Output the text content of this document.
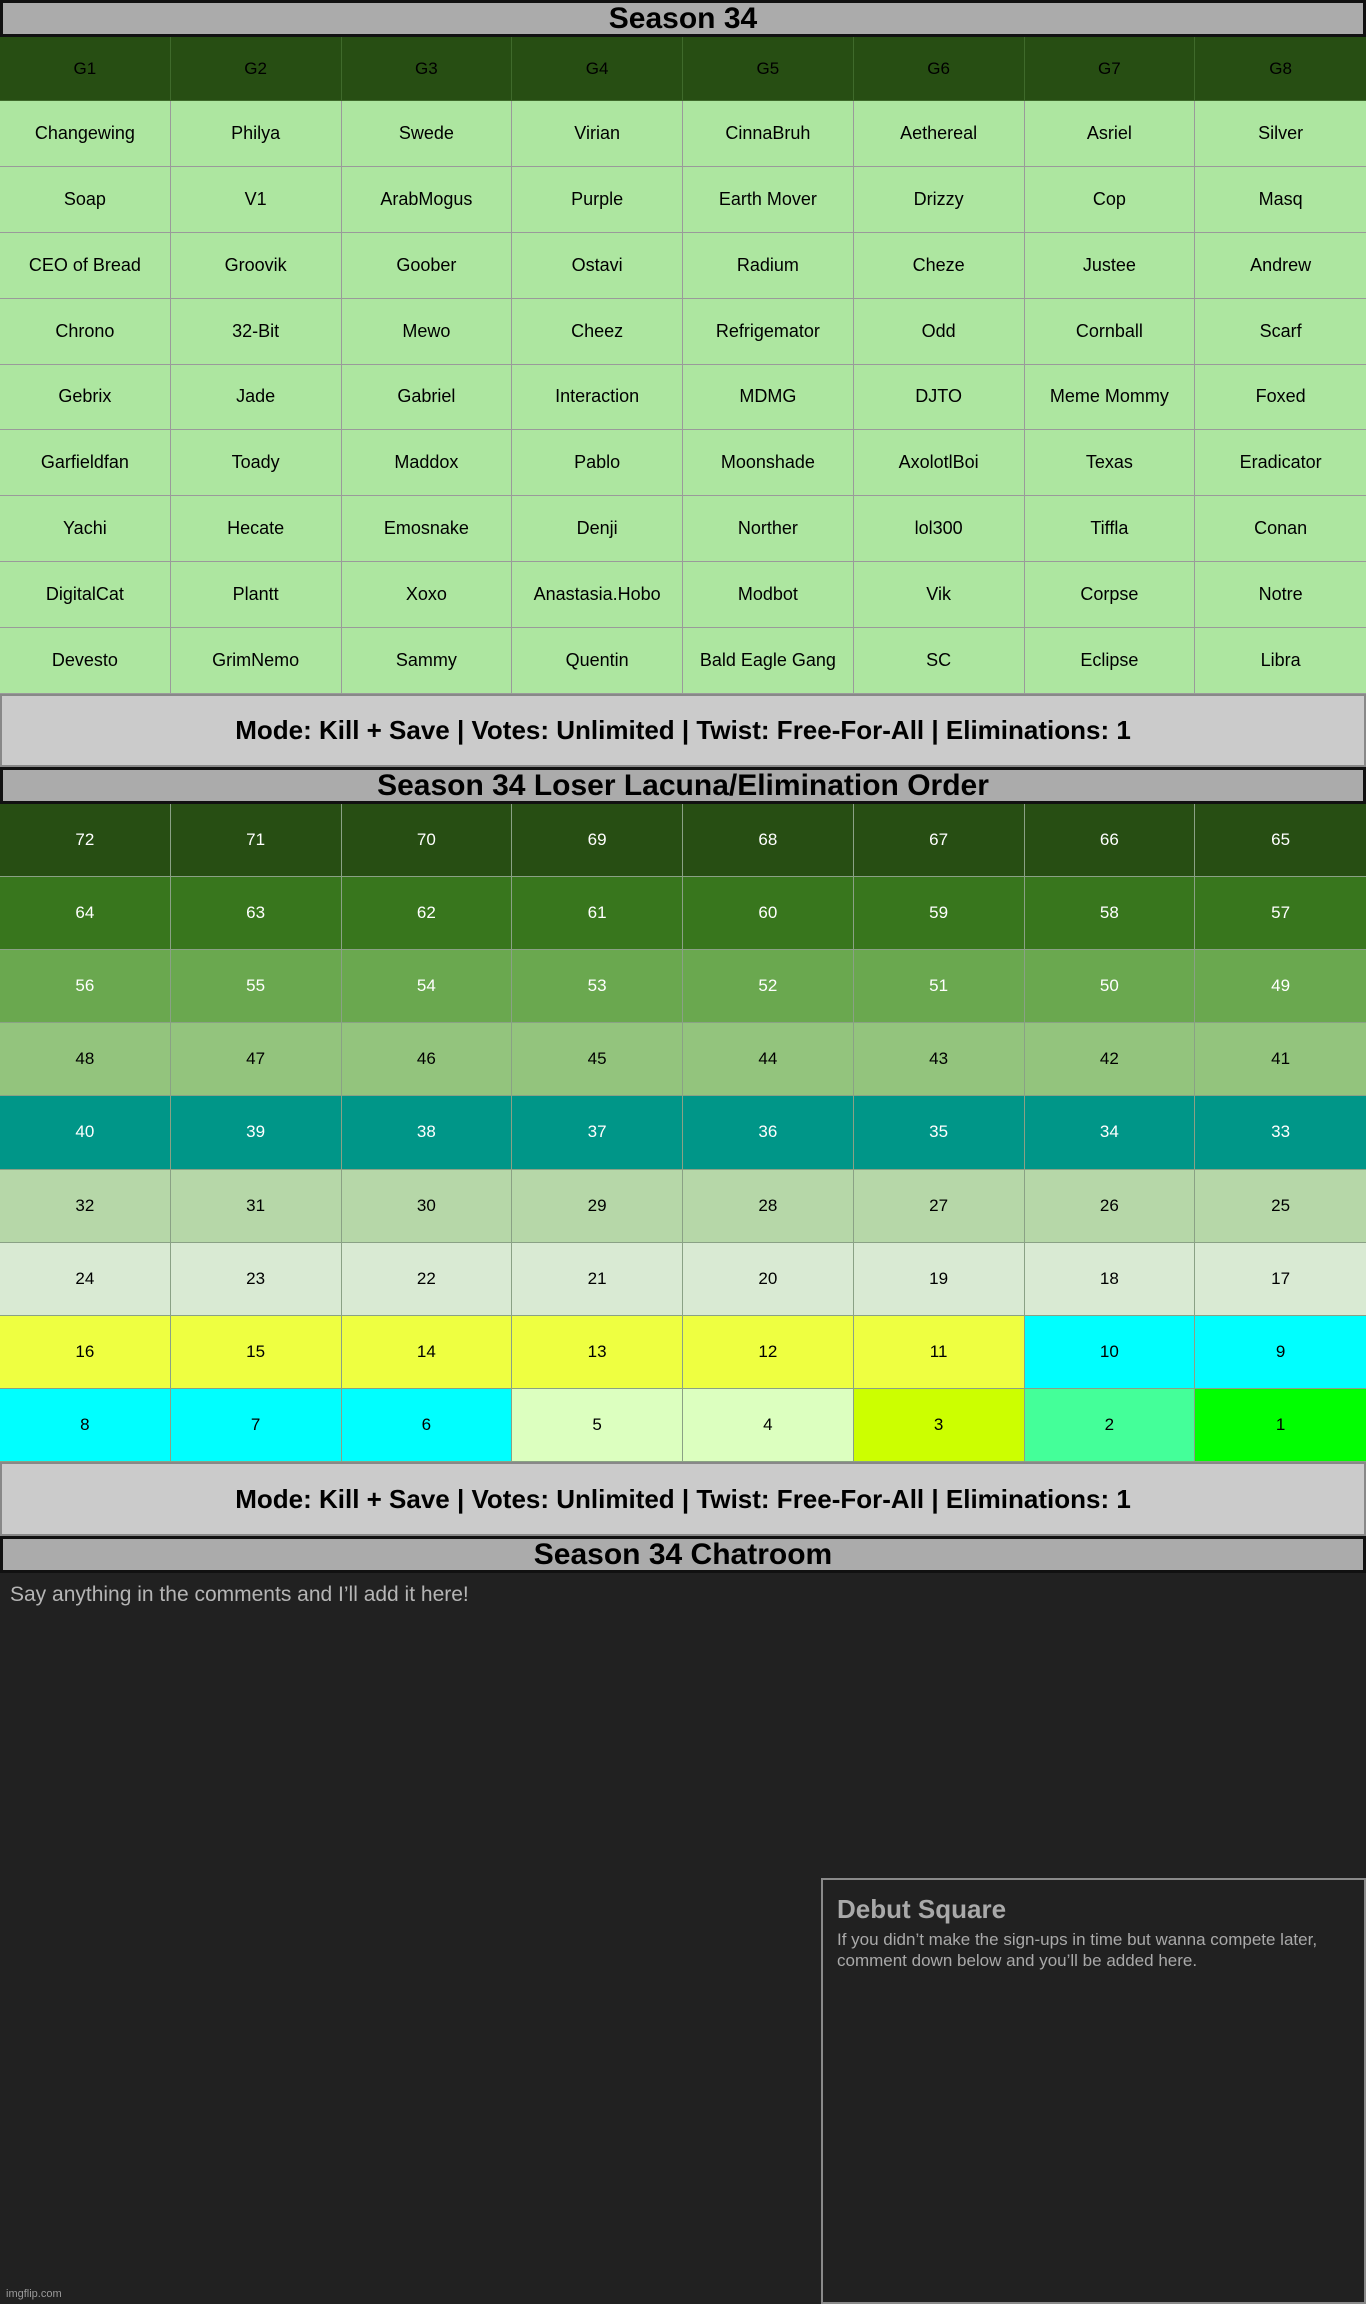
Season 34
G1	G2	G3	G4	G5	G6	G7	G8
Changewing	Philya	Swede	Virian	CinnaBruh	Aethereal	Asriel	Silver
Soap	V1	ArabMogus	Purple	Earth Mover	Drizzy	Cop	Masq
CEO of Bread	Groovik	Goober	Ostavi	Radium	Cheze	Justee	Andrew
Chrono	32-Bit	Mewo	Cheez	Refrigemator	Odd	Cornball	Scarf
Gebrix	Jade	Gabriel	Interaction	MDMG	DJTO	Meme Mommy	Foxed
Garfieldfan	Toady	Maddox	Pablo	Moonshade	AxolotlBoi	Texas	Eradicator
Yachi	Hecate	Emosnake	Denji	Norther	lol300	Tiffla	Conan
DigitalCat	Plantt	Xoxo	Anastasia.Hobo	Modbot	Vik	Corpse	Notre
Devesto	GrimNemo	Sammy	Quentin	Bald Eagle Gang	SC	Eclipse	Libra
Mode: Kill + Save | Votes: Unlimited | Twist: Free-For-All | Eliminations: 1
Season 34 Loser Lacuna/Elimination Order
72	71	70	69	68	67	66	65
64	63	62	61	60	59	58	57
56	55	54	53	52	51	50	49
48	47	46	45	44	43	42	41
40	39	38	37	36	35	34	33
32	31	30	29	28	27	26	25
24	23	22	21	20	19	18	17
16	15	14	13	12	11	10	9
8	7	6	5	4	3	2	1
Mode: Kill + Save | Votes: Unlimited | Twist: Free-For-All | Eliminations: 1
Season 34 Chatroom
Say anything in the comments and I’ll add it here!
Debut Square
If you didn’t make the sign-ups in time but wanna compete later, comment down below and you’ll be added here.
imgflip.com
